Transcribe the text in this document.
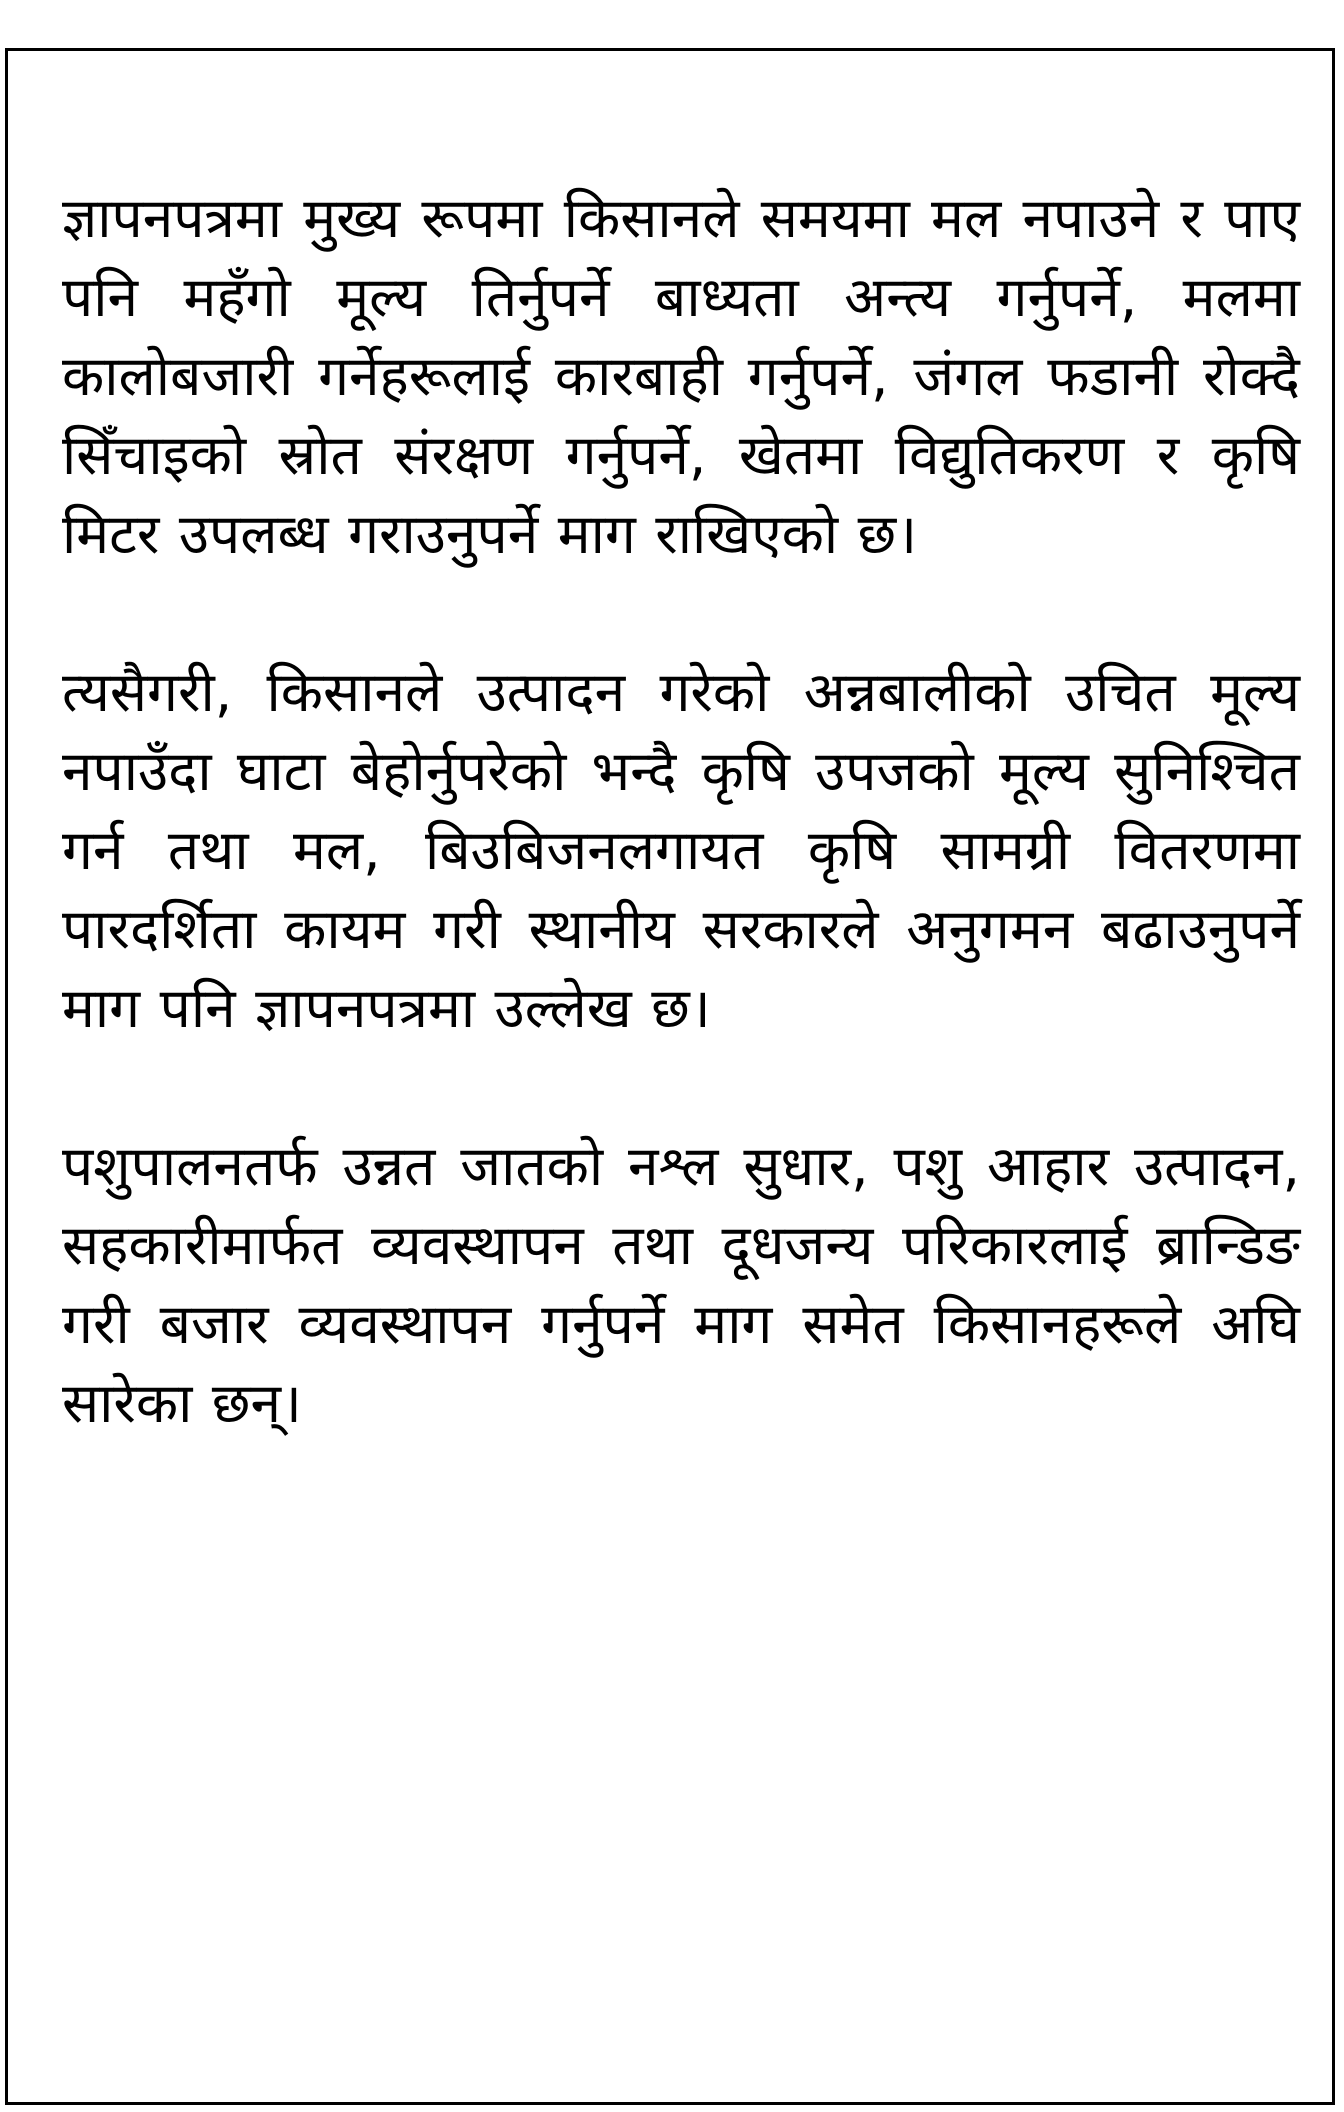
ज्ञापनपत्रमा मुख्य रूपमा किसानले समयमा मल नपाउने र पाए पनि महँगो मूल्य तिर्नुपर्ने बाध्यता अन्त्य गर्नुपर्ने, मलमा कालोबजारी गर्नेहरूलाई कारबाही गर्नुपर्ने, जंगल फडानी रोक्दै सिँचाइको स्रोत संरक्षण गर्नुपर्ने, खेतमा विद्युतिकरण र कृषि मिटर उपलब्ध गराउनुपर्ने माग राखिएको छ।

त्यसैगरी, किसानले उत्पादन गरेको अन्नबालीको उचित मूल्य नपाउँदा घाटा बेहोर्नुपरेको भन्दै कृषि उपजको मूल्य सुनिश्चित गर्न तथा मल, बिउबिजनलगायत कृषि सामग्री वितरणमा पारदर्शिता कायम गरी स्थानीय सरकारले अनुगमन बढाउनुपर्ने माग पनि ज्ञापनपत्रमा उल्लेख छ।

पशुपालनतर्फ उन्नत जातको नश्ल सुधार, पशु आहार उत्पादन, सहकारीमार्फत व्यवस्थापन तथा दूधजन्य परिकारलाई ब्रान्डिङ गरी बजार व्यवस्थापन गर्नुपर्ने माग समेत किसानहरूले अघि सारेका छन्।
